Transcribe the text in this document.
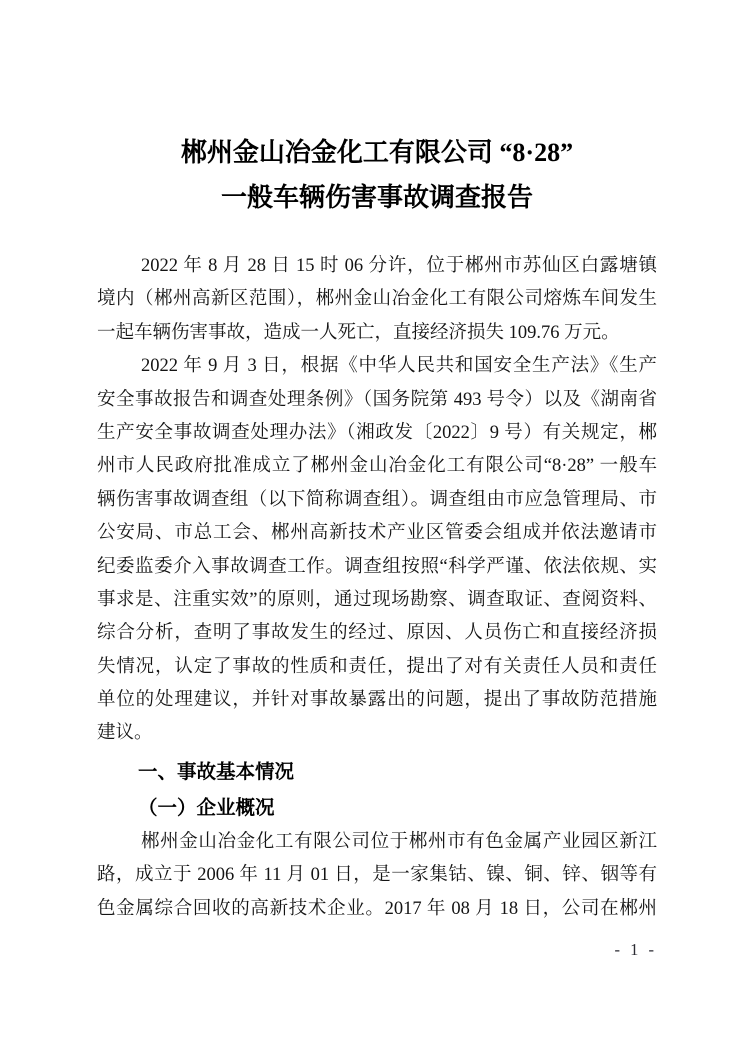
郴州金山冶金化工有限公司 “8·28”
一般车辆伤害事故调查报告
2022 年 8 月 28 日 15 时 06 分许，位于郴州市苏仙区白露塘镇
境内（郴州高新区范围），郴州金山冶金化工有限公司熔炼车间发生
一起车辆伤害事故，造成一人死亡，直接经济损失 109.76 万元。
2022 年 9 月 3 日，根据《中华人民共和国安全生产法》《生产
安全事故报告和调查处理条例》（国务院第 493 号令）以及《湖南省
生产安全事故调查处理办法》（湘政发〔2022〕9 号）有关规定，郴
州市人民政府批准成立了郴州金山冶金化工有限公司“8·28” 一般车
辆伤害事故调查组（以下简称调查组）。调查组由市应急管理局、市
公安局、市总工会、郴州高新技术产业区管委会组成并依法邀请市
纪委监委介入事故调查工作。调查组按照“科学严谨、依法依规、实
事求是、注重实效”的原则，通过现场勘察、调查取证、查阅资料、
综合分析，查明了事故发生的经过、原因、人员伤亡和直接经济损
失情况，认定了事故的性质和责任，提出了对有关责任人员和责任
单位的处理建议，并针对事故暴露出的问题，提出了事故防范措施
建议。
一、事故基本情况
（一）企业概况
郴州金山冶金化工有限公司位于郴州市有色金属产业园区新江
路，成立于 2006 年 11 月 01 日，是一家集钴、镍、铜、锌、铟等有
色金属综合回收的高新技术企业。2017 年 08 月 18 日，公司在郴州
- 1 -
